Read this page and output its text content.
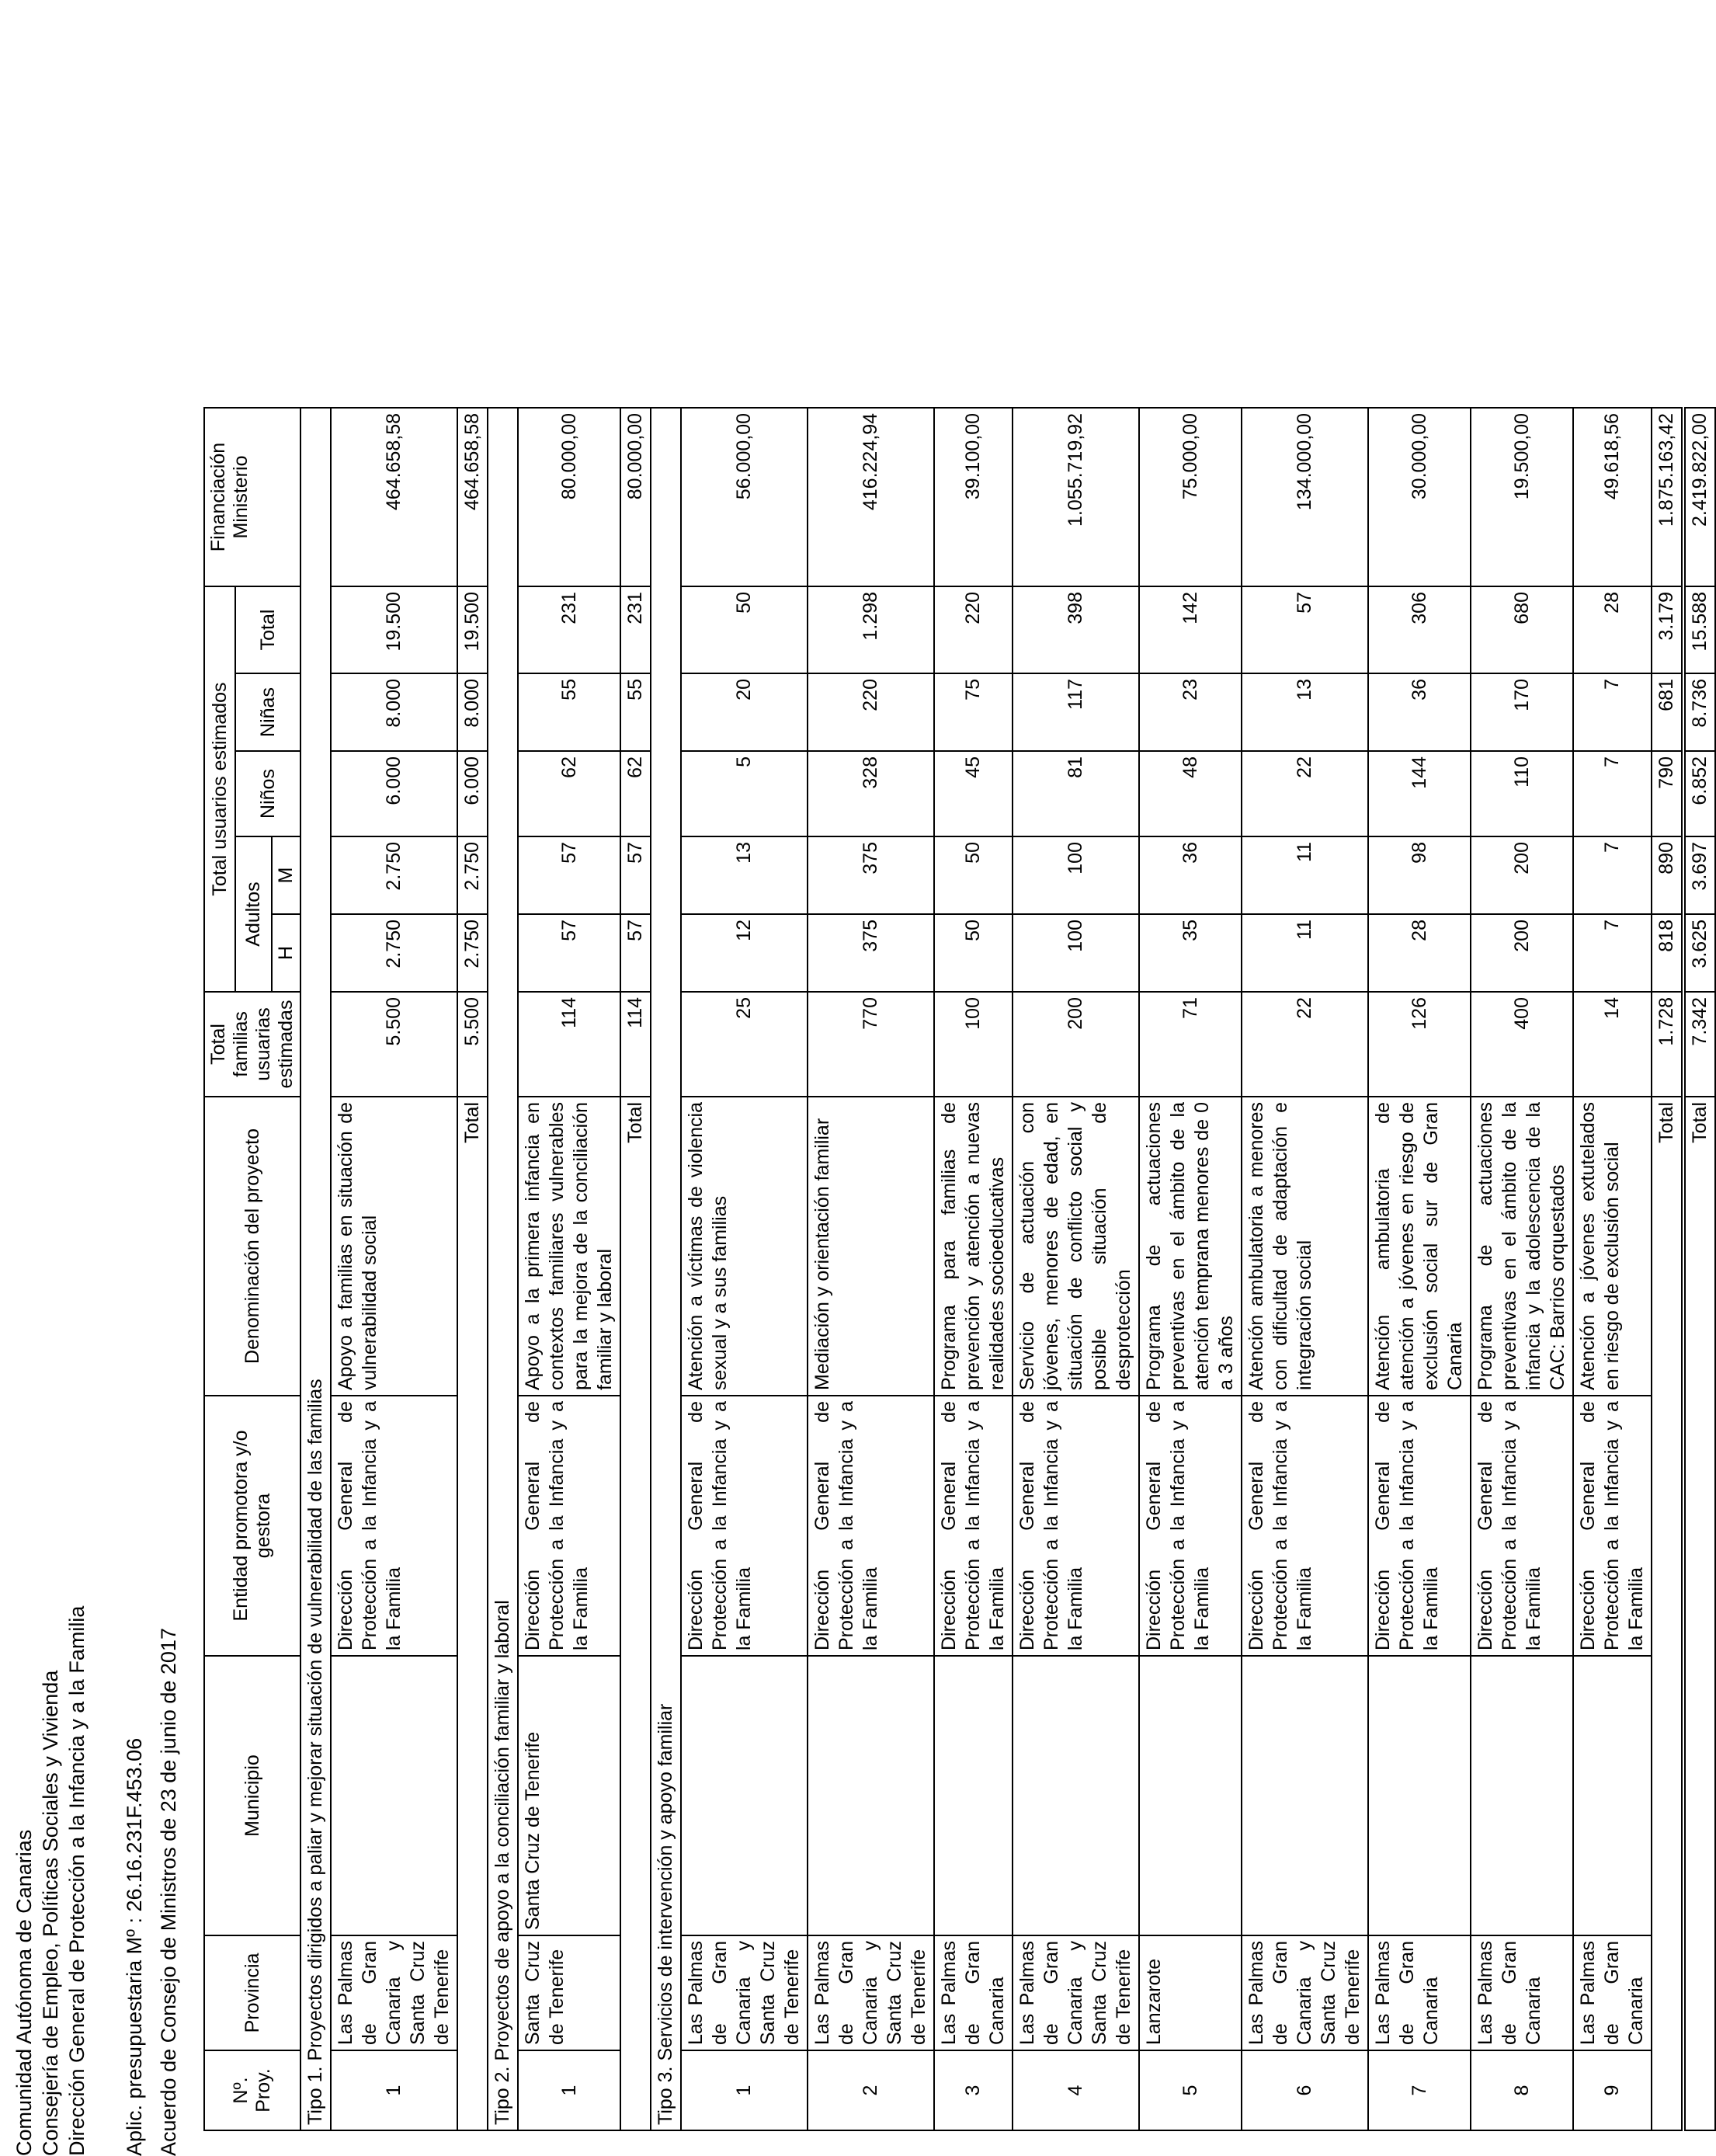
Comunidad Autónoma de Canarias Consejería de Empleo, Políticas Sociales y Vivienda Dirección General de Protección a la Infancia y a la Familia Aplic. presupuestaria Mº : 26.16.231F.453.06 Acuerdo de Consejo de Ministros de 23 de junio de 2017	Nº.
Proy.	Provincia	Municipio	Entidad promotora y/o gestora	Denominación del proyecto	Total familias usuarias estimadas	Total usuarios estimados					Financiación Ministerio
						Adultos		Niños	Niñas	Total	
						H	M				
Tipo 1. Proyectos dirigidos a paliar y mejorar situación de vulnerabilidad de las familias											
1	Las Palmas de Gran Canaria y Santa Cruz de Tenerife		Dirección General de Protección a la Infancia y a la Familia	Apoyo a familias en situación de vulnerabilidad social	5.500	2.750	2.750	6.000	8.000	19.500	464.658,58
Total					5.500	2.750	2.750	6.000	8.000	19.500	464.658,58
Tipo 2. Proyectos de apoyo a la conciliación familiar y laboral											
1	Santa Cruz de Tenerife	Santa Cruz de Tenerife	Dirección General de Protección a la Infancia y a la Familia	Apoyo a la primera infancia en contextos familiares vulnerables para la mejora de la conciliación familiar y laboral	114	57	57	62	55	231	80.000,00
Total					114	57	57	62	55	231	80.000,00
Tipo 3. Servicios de intervención y apoyo familiar											
1	Las Palmas de Gran Canaria y Santa Cruz de Tenerife		Dirección General de Protección a la Infancia y a la Familia	Atención a víctimas de violencia sexual y a sus familias	25	12	13	5	20	50	56.000,00
2	Las Palmas de Gran Canaria y Santa Cruz de Tenerife		Dirección General de Protección a la Infancia y a la Familia	Mediación y orientación familiar	770	375	375	328	220	1.298	416.224,94
3	Las Palmas de Gran Canaria		Dirección General de Protección a la Infancia y a la Familia	Programa para familias de prevención y atención a nuevas realidades socioeducativas	100	50	50	45	75	220	39.100,00
4	Las Palmas de Gran Canaria y Santa Cruz de Tenerife		Dirección General de Protección a la Infancia y a la Familia	Servicio de actuación con jóvenes, menores de edad, en situación de conflicto social y posible situación de desprotección	200	100	100	81	117	398	1.055.719,92
5	Lanzarote		Dirección General de Protección a la Infancia y a la Familia	Programa de actuaciones preventivas en el ámbito de la atención temprana menores de 0 a 3 años	71	35	36	48	23	142	75.000,00
6	Las Palmas de Gran Canaria y Santa Cruz de Tenerife		Dirección General de Protección a la Infancia y a la Familia	Atención ambulatoria a menores con dificultad de adaptación e integración social	22	11	11	22	13	57	134.000,00
7	Las Palmas de Gran Canaria		Dirección General de Protección a la Infancia y a la Familia	Atención ambulatoria de atención a jóvenes en riesgo de exclusión social sur de Gran Canaria	126	28	98	144	36	306	30.000,00
8	Las Palmas de Gran Canaria		Dirección General de Protección a la Infancia y a la Familia	Programa de actuaciones preventivas en el ámbito de la infancia y la adolescencia de la CAC: Barrios orquestados	400	200	200	110	170	680	19.500,00
9	Las Palmas de Gran Canaria		Dirección General de Protección a la Infancia y a la Familia	Atención a jóvenes extutelados en riesgo de exclusión social	14	7	7	7	7	28	49.618,56
Total					1.728	818	890	790	681	3.179	1.875.163,42
Total					7.342	3.625	3.697	6.852	8.736	15.588	2.419.822,00
